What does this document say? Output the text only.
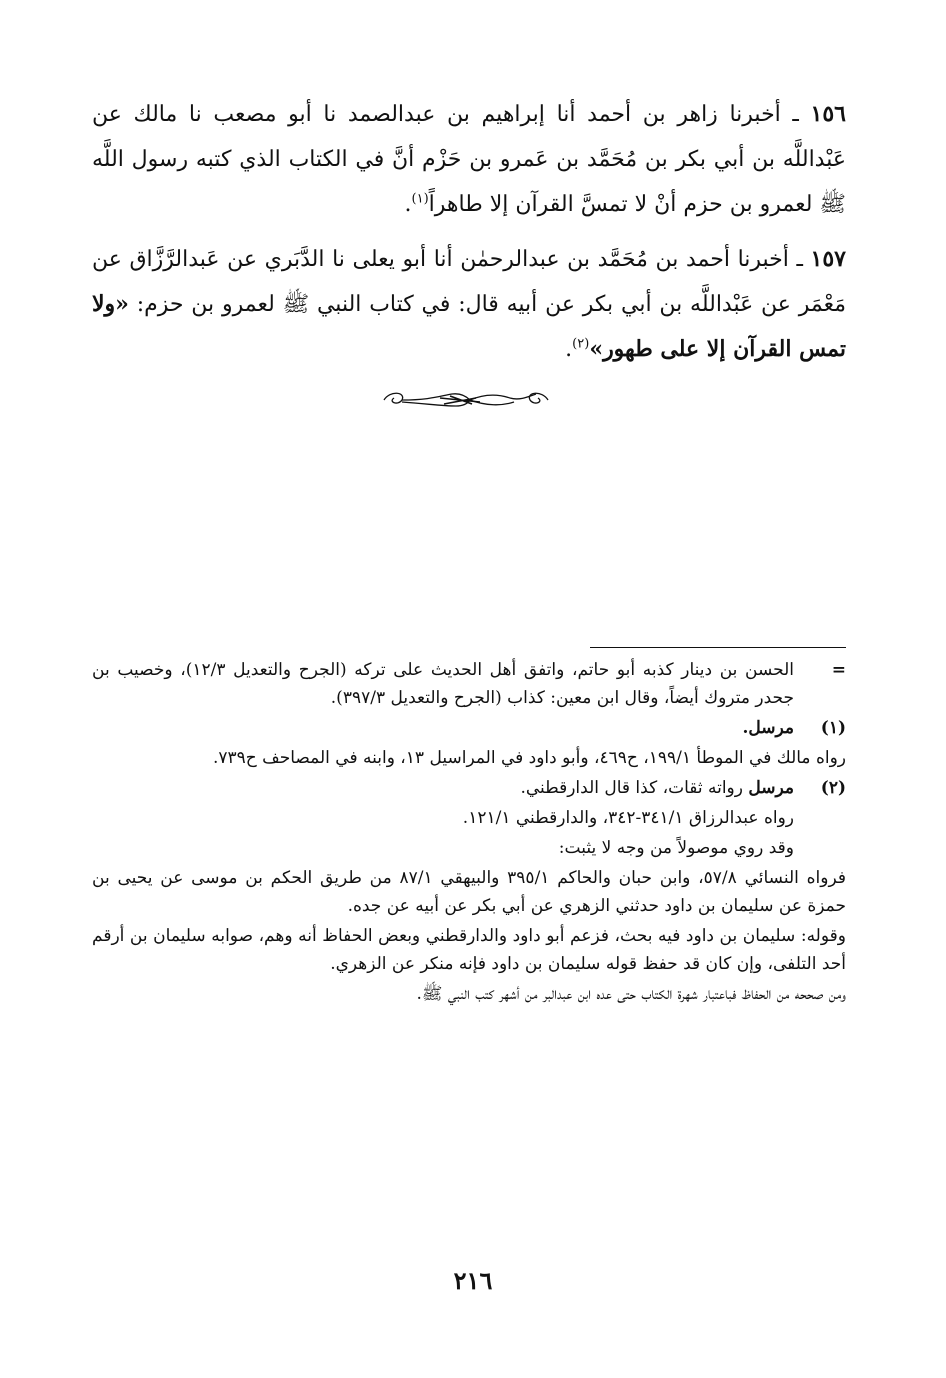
١٥٦ ـ أخبرنا زاهر بن أحمد أنا إبراهيم بن عبدالصمد نا أبو مصعب نا مالك عن عَبْداللَّه بن أبي بكر بن مُحَمَّد بن عَمرو بن حَزْم أنَّ في الكتاب الذي كتبه رسول اللَّه ﷺ لعمرو بن حزم أنْ لا تمسَّ القرآن إلا طاهراً$^{(١)}$.

١٥٧ ـ أخبرنا أحمد بن مُحَمَّد بن عبدالرحمٰن أنا أبو يعلى نا الدَّبَري عن عَبدالرَّزَّاق عن مَعْمَر عن عَبْداللَّه بن أبي بكر عن أبيه قال: في كتاب النبي ﷺ لعمرو بن حزم: «ولا تمس القرآن إلا على طهور»$^{(٢)}$.

=

الحسن بن دينار كذبه أبو حاتم، واتفق أهل الحديث على تركه (الجرح والتعديل ١٢/٣)، وخصيب بن جحدر متروك أيضاً، وقال ابن معين: كذاب (الجرح والتعديل ٣٩٧/٣).

(١)

مرسل.

رواه مالك في الموطأ ١٩٩/١، ح٤٦٩، وأبو داود في المراسيل ١٣، وابنه في المصاحف ح٧٣٩.

(٢)

مرسل رواته ثقات، كذا قال الدارقطني.

رواه عبدالرزاق ٣٤١/١-٣٤٢، والدارقطني ١٢١/١.

وقد روي موصولاً من وجه لا يثبت:

فرواه النسائي ٥٧/٨، وابن حبان والحاكم ٣٩٥/١ والبيهقي ٨٧/١ من طريق الحكم بن موسى عن يحيى بن حمزة عن سليمان بن داود حدثني الزهري عن أبي بكر عن أبيه عن جده.

وقوله: سليمان بن داود فيه بحث، فزعم أبو داود والدارقطني وبعض الحفاظ أنه وهم، صوابه سليمان بن أرقم أحد التلفى، وإن كان قد حفظ قوله سليمان بن داود فإنه منكر عن الزهري.

ومن صححه من الحفاظ فباعتبار شهرة الكتاب حتى عده ابن عبدالبر من أشهر كتب النبي ﷺ.

٢١٦
